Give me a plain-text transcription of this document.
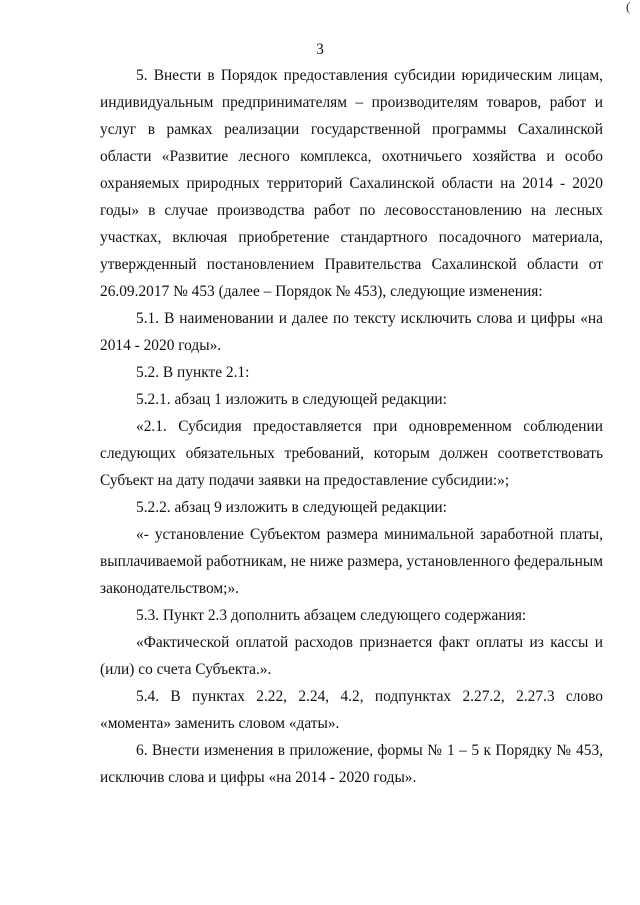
(
3

5. Внести в Порядок предоставления субсидии юридическим лицам, индивидуальным предпринимателям – производителям товаров, работ и услуг в рамках реализации государственной программы Сахалинской области «Развитие лесного комплекса, охотничьего хозяйства и особо охраняемых природных территорий Сахалинской области на 2014 - 2020 годы» в случае производства работ по лесовосстановлению на лесных участках, включая приобретение стандартного посадочного материала, утвержденный постановлением Правительства Сахалинской области от 26.09.2017 № 453 (далее – Порядок № 453), следующие изменения:

5.1. В наименовании и далее по тексту исключить слова и цифры «на 2014 - 2020 годы».

5.2. В пункте 2.1:

5.2.1. абзац 1 изложить в следующей редакции:

«2.1. Субсидия предоставляется при одновременном соблюдении следующих обязательных требований, которым должен соответствовать Субъект на дату подачи заявки на предоставление субсидии:»;

5.2.2. абзац 9 изложить в следующей редакции:

«- установление Субъектом размера минимальной заработной платы, выплачиваемой работникам, не ниже размера, установленного федеральным законодательством;».

5.3. Пункт 2.3 дополнить абзацем следующего содержания:

«Фактической оплатой расходов признается факт оплаты из кассы и (или) со счета Субъекта.».

5.4. В пунктах 2.22, 2.24, 4.2, подпунктах 2.27.2, 2.27.3 слово «момента» заменить словом «даты».

6. Внести изменения в приложение, формы № 1 – 5 к Порядку № 453, исключив слова и цифры «на 2014 - 2020 годы».
